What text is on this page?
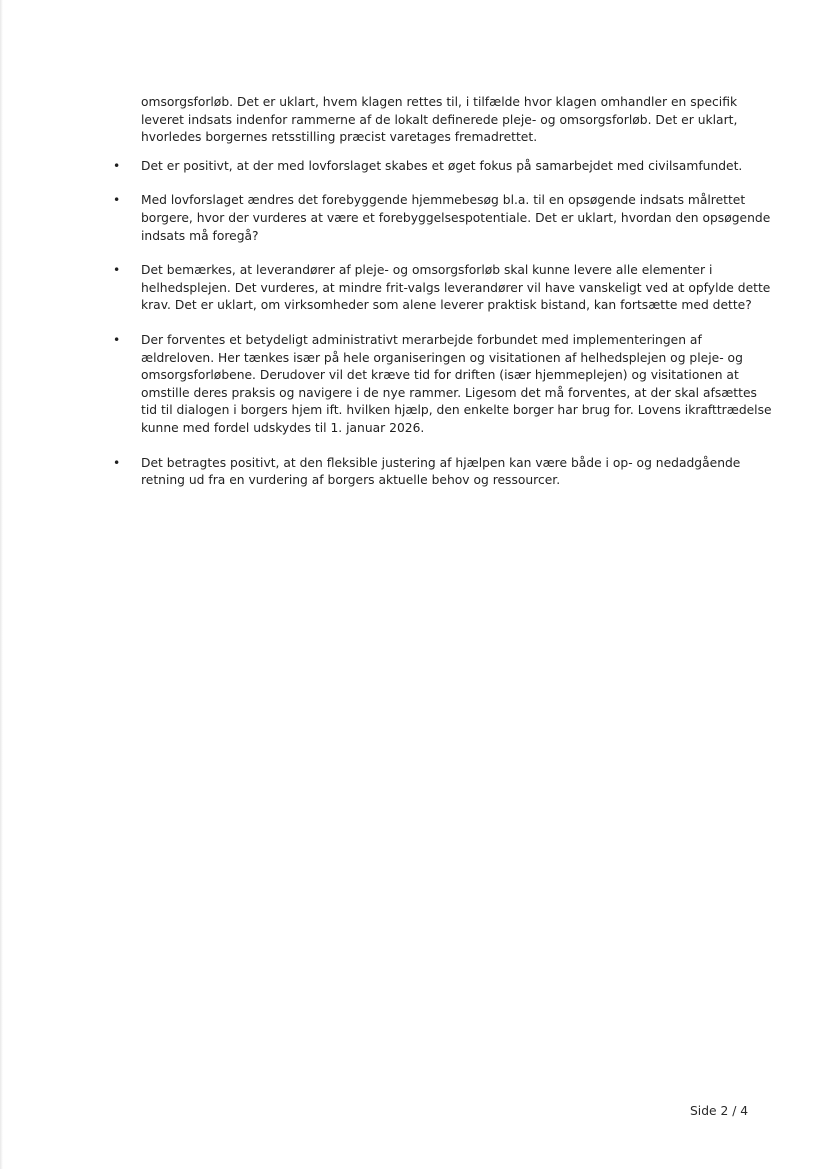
omsorgsforløb. Det er uklart, hvem klagen rettes til, i tilfælde hvor klagen omhandler en specifik leveret indsats indenfor rammerne af de lokalt definerede pleje- og omsorgsforløb. Det er uklart, hvorledes borgernes retsstilling præcist varetages fremadrettet.

• Det er positivt, at der med lovforslaget skabes et øget fokus på samarbejdet med civilsamfundet.

• Med lovforslaget ændres det forebyggende hjemmebesøg bl.a. til en opsøgende indsats målrettet borgere, hvor der vurderes at være et forebyggelsespotentiale. Det er uklart, hvordan den opsøgende indsats må foregå?

• Det bemærkes, at leverandører af pleje- og omsorgsforløb skal kunne levere alle elementer i helhedsplejen. Det vurderes, at mindre frit-valgs leverandører vil have vanskeligt ved at opfylde dette krav. Det er uklart, om virksomheder som alene leverer praktisk bistand, kan fortsætte med dette?

• Der forventes et betydeligt administrativt merarbejde forbundet med implementeringen af ældreloven. Her tænkes især på hele organiseringen og visitationen af helhedsplejen og pleje- og omsorgsforløbene. Derudover vil det kræve tid for driften (især hjemmeplejen) og visitationen at omstille deres praksis og navigere i de nye rammer. Ligesom det må forventes, at der skal afsættes tid til dialogen i borgers hjem ift. hvilken hjælp, den enkelte borger har brug for. Lovens ikrafttrædelse kunne med fordel udskydes til 1. januar 2026.

• Det betragtes positivt, at den fleksible justering af hjælpen kan være både i op- og nedadgående retning ud fra en vurdering af borgers aktuelle behov og ressourcer.

Side 2 / 4
